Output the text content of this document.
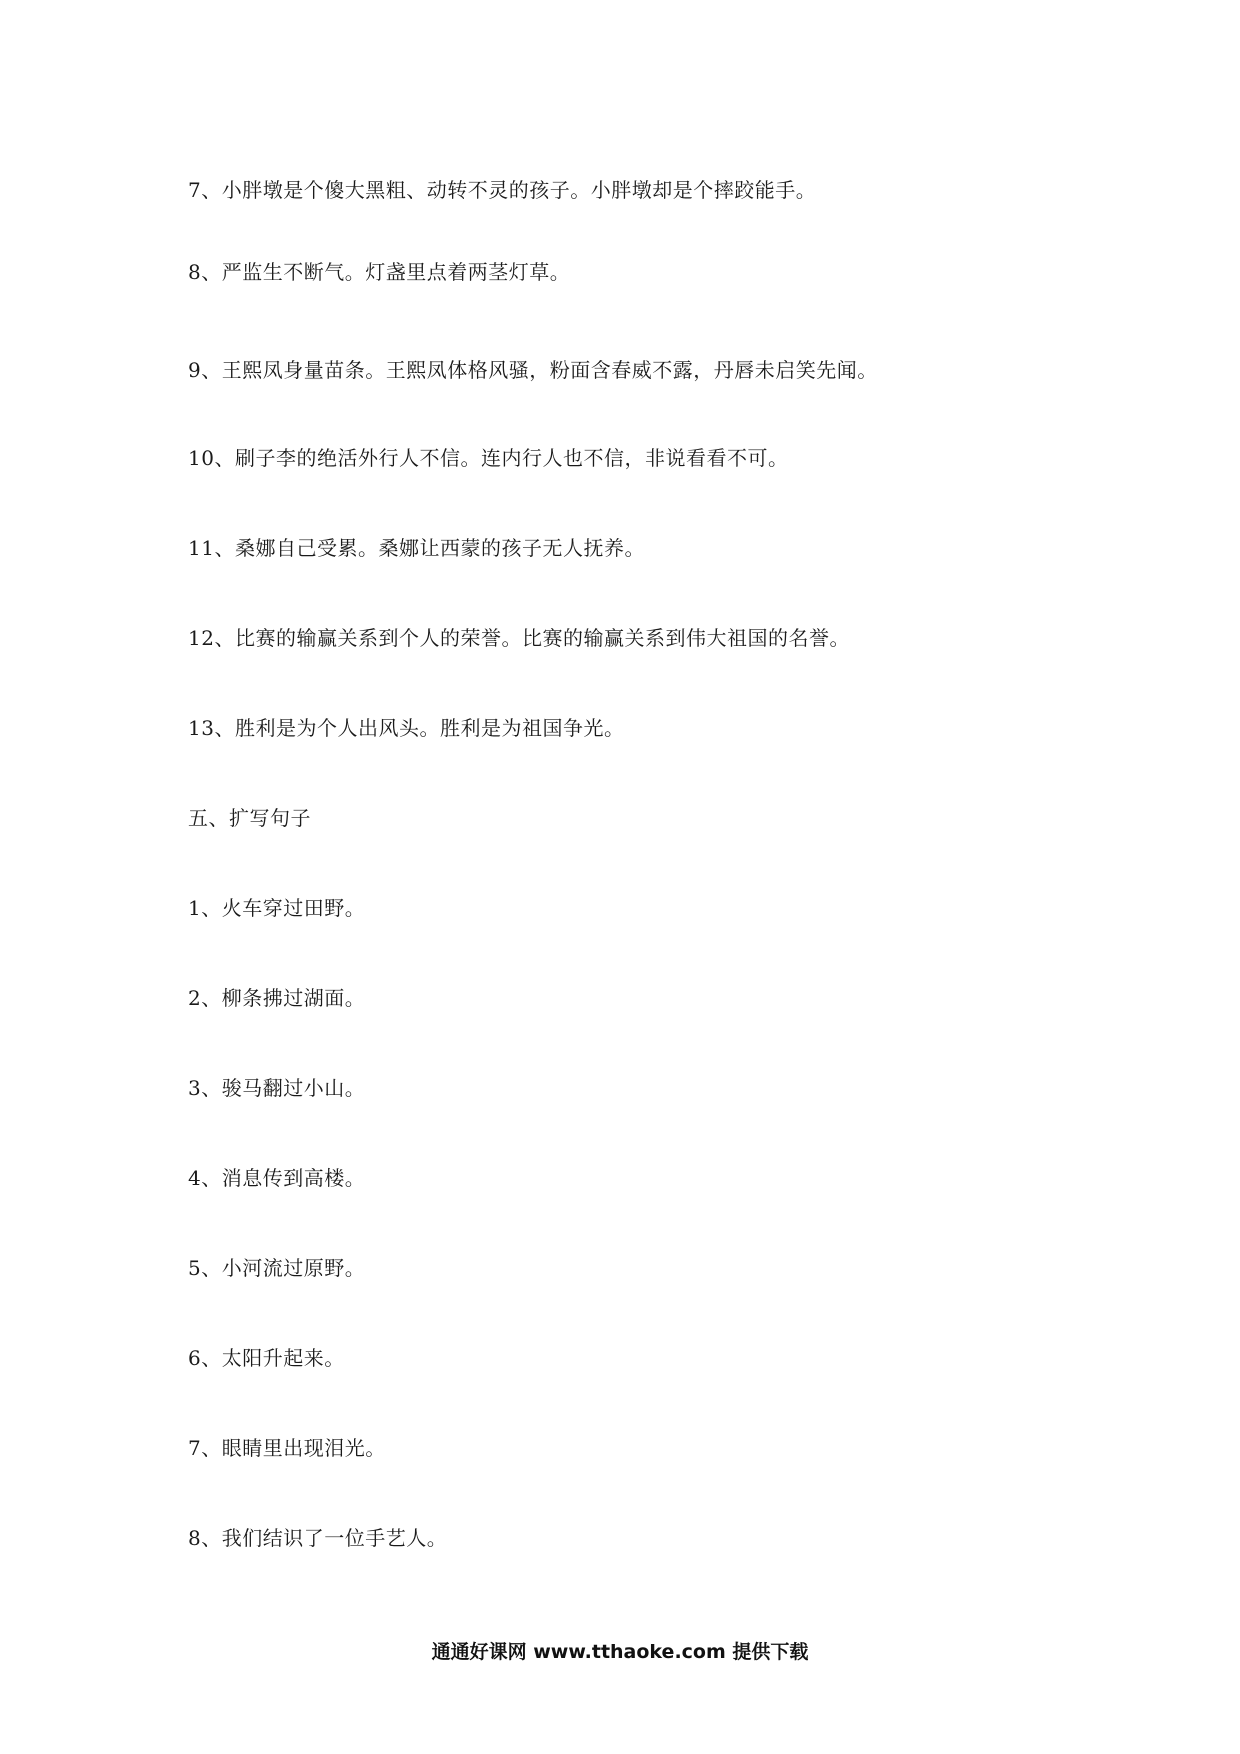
7、小胖墩是个傻大黑粗、动转不灵的孩子。小胖墩却是个摔跤能手。
8、严监生不断气。灯盏里点着两茎灯草。
9、王熙凤身量苗条。王熙凤体格风骚，粉面含春威不露，丹唇未启笑先闻。
10、刷子李的绝活外行人不信。连内行人也不信，非说看看不可。
11、桑娜自己受累。桑娜让西蒙的孩子无人抚养。
12、比赛的输赢关系到个人的荣誉。比赛的输赢关系到伟大祖国的名誉。
13、胜利是为个人出风头。胜利是为祖国争光。
五、扩写句子
1、火车穿过田野。
2、柳条拂过湖面。
3、骏马翻过小山。
4、消息传到高楼。
5、小河流过原野。
6、太阳升起来。
7、眼睛里出现泪光。
8、我们结识了一位手艺人。
通通好课网 www.tthaoke.com 提供下载
